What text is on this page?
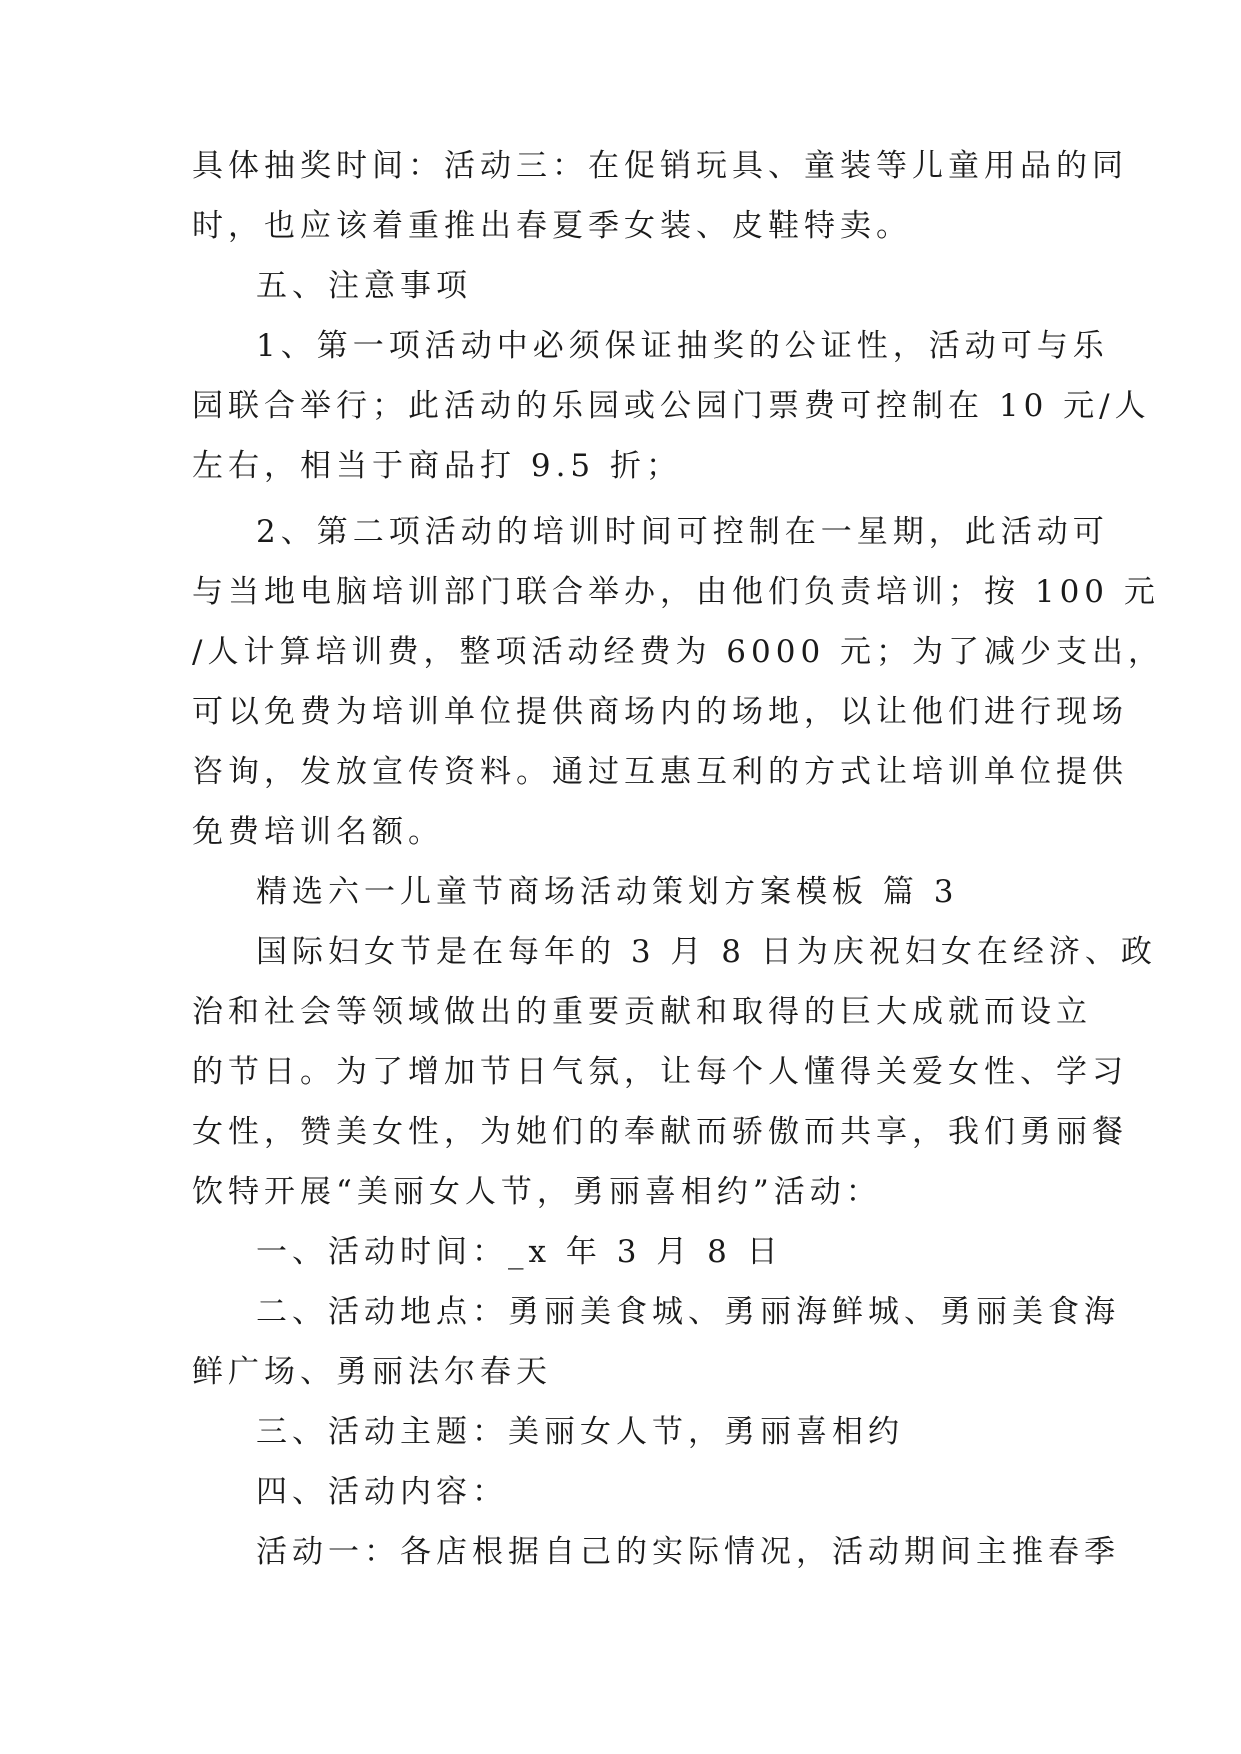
具体抽奖时间：活动三：在促销玩具、童装等儿童用品的同
时，也应该着重推出春夏季女装、皮鞋特卖。
五、注意事项
1、第一项活动中必须保证抽奖的公证性，活动可与乐
园联合举行；此活动的乐园或公园门票费可控制在 10 元/人
左右，相当于商品打 9.5 折；
2、第二项活动的培训时间可控制在一星期，此活动可
与当地电脑培训部门联合举办，由他们负责培训；按 100 元
/人计算培训费，整项活动经费为 6000 元；为了减少支出，
可以免费为培训单位提供商场内的场地，以让他们进行现场
咨询，发放宣传资料。通过互惠互利的方式让培训单位提供
免费培训名额。
精选六一儿童节商场活动策划方案模板 篇 3
国际妇女节是在每年的 3 月 8 日为庆祝妇女在经济、政
治和社会等领域做出的重要贡献和取得的巨大成就而设立
的节日。为了增加节日气氛，让每个人懂得关爱女性、学习
女性，赞美女性，为她们的奉献而骄傲而共享，我们勇丽餐
饮特开展“美丽女人节，勇丽喜相约”活动：
一、活动时间：_x 年 3 月 8 日
二、活动地点：勇丽美食城、勇丽海鲜城、勇丽美食海
鲜广场、勇丽法尔春天
三、活动主题：美丽女人节，勇丽喜相约
四、活动内容：
活动一：各店根据自己的实际情况，活动期间主推春季
